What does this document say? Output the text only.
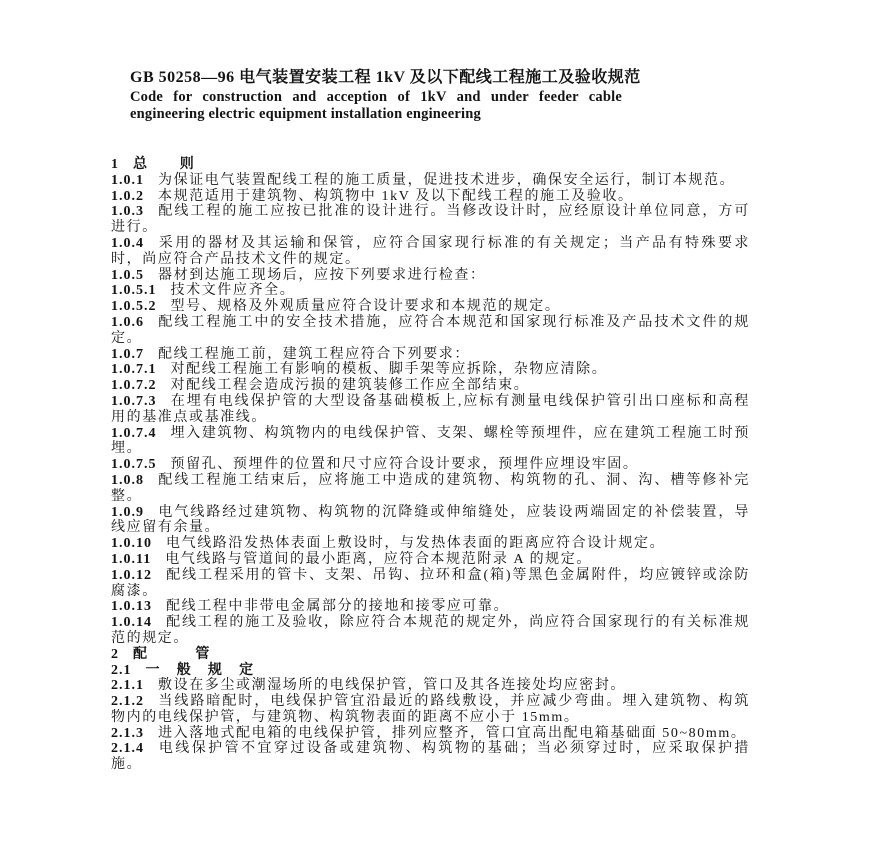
GB 50258—96 电气装置安装工程 1kV 及以下配线工程施工及验收规范
Code for construction and acception of 1kV and under feeder cable
engineering electric equipment installation engineering

1 总　　则

1.0.1 为保证电气装置配线工程的施工质量，促进技术进步，确保安全运行，制订本规范。

1.0.2 本规范适用于建筑物、构筑物中 1kV 及以下配线工程的施工及验收。

1.0.3 配线工程的施工应按已批准的设计进行。当修改设计时，应经原设计单位同意，方可进行。

1.0.4 采用的器材及其运输和保管，应符合国家现行标准的有关规定；当产品有特殊要求时，尚应符合产品技术文件的规定。

1.0.5 器材到达施工现场后，应按下列要求进行检查：

1.0.5.1 技术文件应齐全。

1.0.5.2 型号、规格及外观质量应符合设计要求和本规范的规定。

1.0.6 配线工程施工中的安全技术措施，应符合本规范和国家现行标准及产品技术文件的规定。

1.0.7 配线工程施工前，建筑工程应符合下列要求：

1.0.7.1 对配线工程施工有影响的模板、脚手架等应拆除，杂物应清除。

1.0.7.2 对配线工程会造成污损的建筑装修工作应全部结束。

1.0.7.3 在埋有电线保护管的大型设备基础模板上,应标有测量电线保护管引出口座标和高程用的基准点或基准线。

1.0.7.4 埋入建筑物、构筑物内的电线保护管、支架、螺栓等预埋件，应在建筑工程施工时预埋。

1.0.7.5 预留孔、预埋件的位置和尺寸应符合设计要求，预埋件应埋设牢固。

1.0.8 配线工程施工结束后，应将施工中造成的建筑物、构筑物的孔、洞、沟、槽等修补完整。

1.0.9 电气线路经过建筑物、构筑物的沉降缝或伸缩缝处，应装设两端固定的补偿装置，导线应留有余量。

1.0.10 电气线路沿发热体表面上敷设时，与发热体表面的距离应符合设计规定。

1.0.11 电气线路与管道间的最小距离，应符合本规范附录 A 的规定。

1.0.12 配线工程采用的管卡、支架、吊钩、拉环和盒(箱)等黑色金属附件，均应镀锌或涂防腐漆。

1.0.13 配线工程中非带电金属部分的接地和接零应可靠。

1.0.14 配线工程的施工及验收，除应符合本规范的规定外，尚应符合国家现行的有关标准规范的规定。

2 配　　　管

2.1 一　般　规　定

2.1.1 敷设在多尘或潮湿场所的电线保护管，管口及其各连接处均应密封。

2.1.2 当线路暗配时，电线保护管宜沿最近的路线敷设，并应减少弯曲。埋入建筑物、构筑物内的电线保护管，与建筑物、构筑物表面的距离不应小于 15mm。

2.1.3 进入落地式配电箱的电线保护管，排列应整齐，管口宜高出配电箱基础面 50~80mm。

2.1.4 电线保护管不宜穿过设备或建筑物、构筑物的基础；当必须穿过时，应采取保护措施。
